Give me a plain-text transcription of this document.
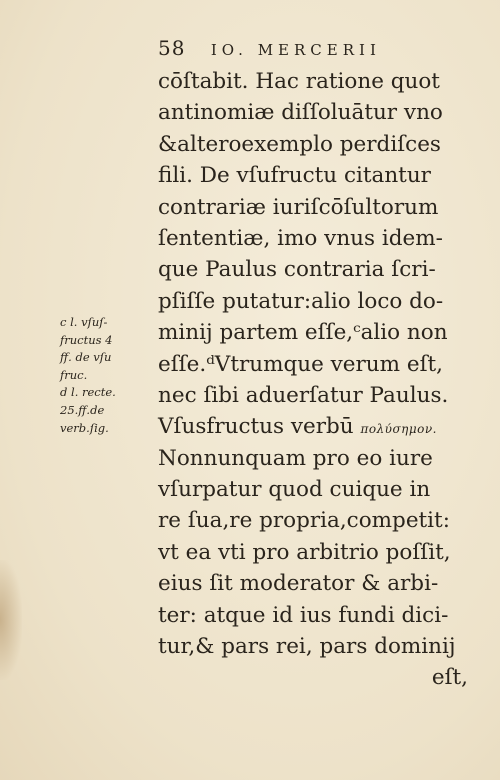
58 IO. MERCERII
cōſtabit. Hac ratione quot
antinomiæ diſſoluātur vno
&alteroexemplo perdiſces
fili. De vſufructu citantur
contrariæ iuriſcōſultorum
ſententiæ, imo vnus idem-
que Paulus contraria ſcri-
pſiſſe putatur:alio loco do-
minij partem eſſe,ᶜalio non
eſſe.ᵈVtrumque verum eſt,
nec ſibi aduerſatur Paulus.
Vſusfructus verbū πολύσημον.
Nonnunquam pro eo iure
vſurpatur quod cuique in
re ſua,re propria,competit:
vt ea vti pro arbitrio poſſit,
eius ſit moderator & arbi-
ter: atque id ius fundi dici-
tur,& pars rei, pars dominij
eſt,
c l. vſuſ-
fructus 4
ff. de vſu
fruc.
d l. recte.
25.ff.de
verb.ſig.
